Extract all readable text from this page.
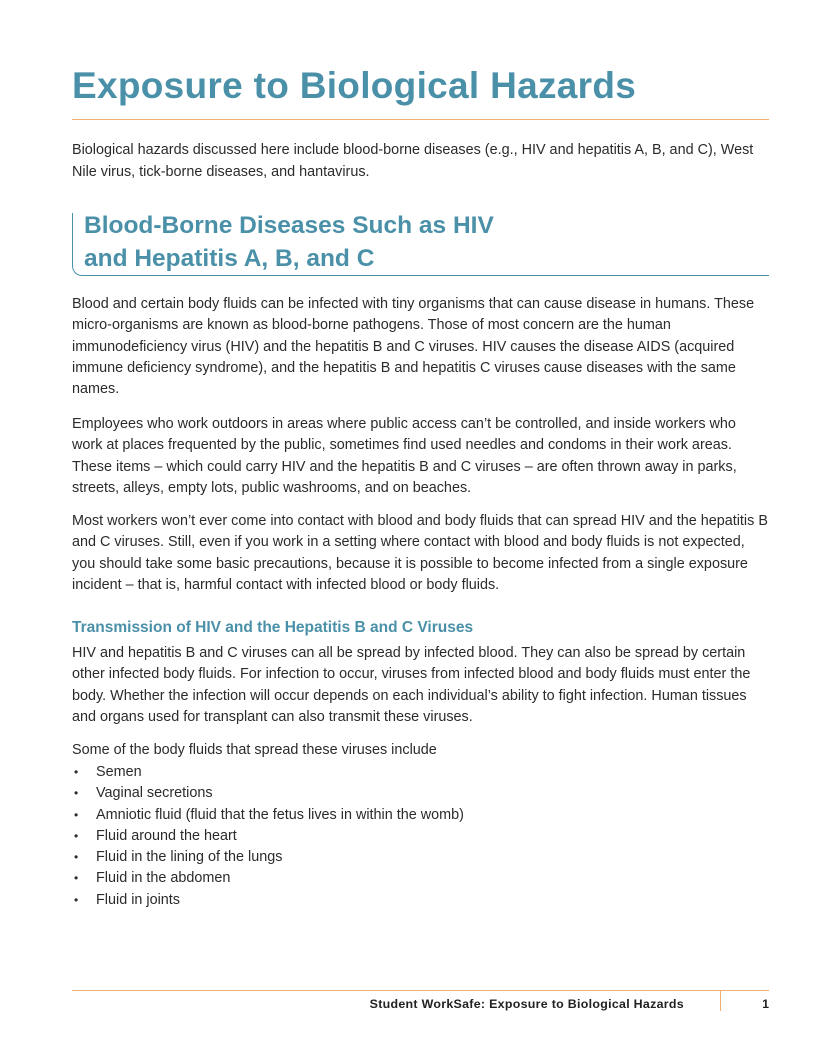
Exposure to Biological Hazards

Biological hazards discussed here include blood-borne diseases (e.g., HIV and hepatitis A, B, and C), West Nile virus, tick-borne diseases, and hantavirus.

Blood-Borne Diseases Such as HIV
and Hepatitis A, B, and C

Blood and certain body fluids can be infected with tiny organisms that can cause disease in humans. These micro-organisms are known as blood-borne pathogens. Those of most concern are the human immunodeficiency virus (HIV) and the hepatitis B and C viruses. HIV causes the disease AIDS (acquired immune deficiency syndrome), and the hepatitis B and hepatitis C viruses cause diseases with the same names.

Employees who work outdoors in areas where public access can’t be controlled, and inside workers who work at places frequented by the public, sometimes find used needles and condoms in their work areas. These items – which could carry HIV and the hepatitis B and C viruses – are often thrown away in parks, streets, alleys, empty lots, public washrooms, and on beaches.

Most workers won’t ever come into contact with blood and body fluids that can spread HIV and the hepatitis B and C viruses. Still, even if you work in a setting where contact with blood and body fluids is not expected, you should take some basic precautions, because it is possible to become infected from a single exposure incident – that is, harmful contact with infected blood or body fluids.

Transmission of HIV and the Hepatitis B and C Viruses

HIV and hepatitis B and C viruses can all be spread by infected blood. They can also be spread by certain other infected body fluids. For infection to occur, viruses from infected blood and body fluids must enter the body. Whether the infection will occur depends on each individual’s ability to fight infection. Human tissues and organs used for transplant can also transmit these viruses.

Some of the body fluids that spread these viruses include

• Semen
• Vaginal secretions
• Amniotic fluid (fluid that the fetus lives in within the womb)
• Fluid around the heart
• Fluid in the lining of the lungs
• Fluid in the abdomen
• Fluid in joints
Student WorkSafe: Exposure to Biological Hazards	1
